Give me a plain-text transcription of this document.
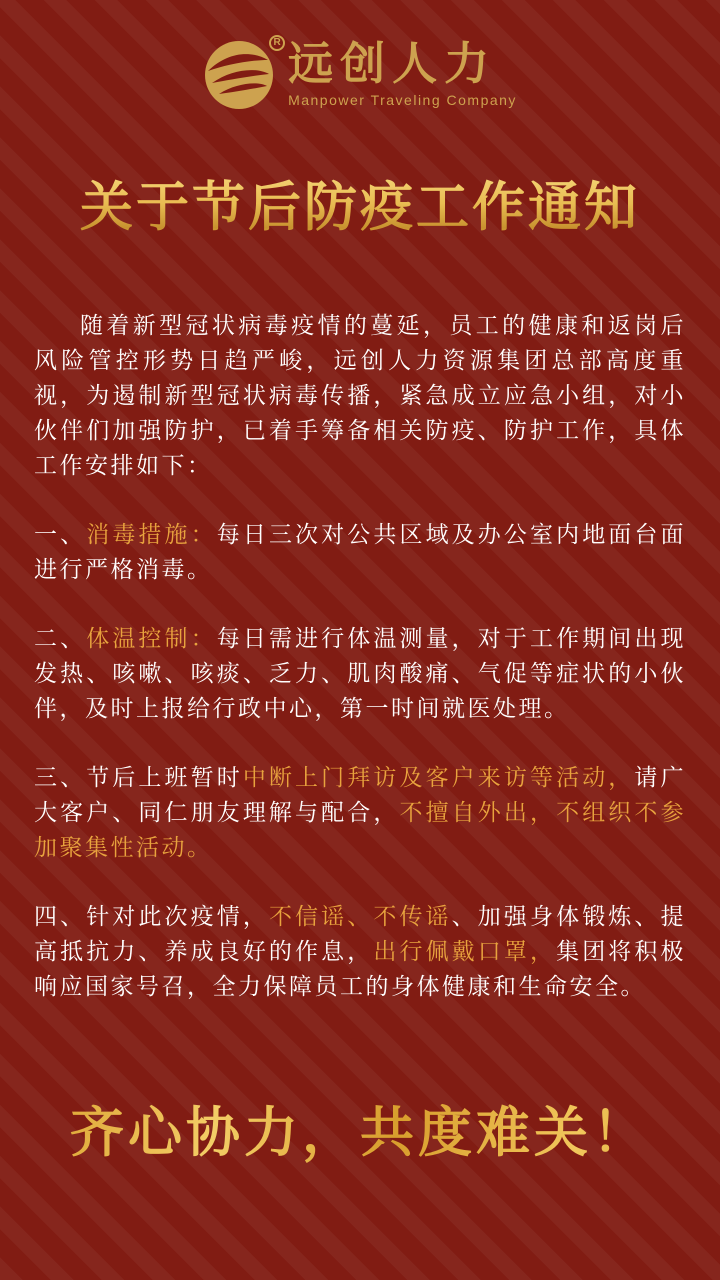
R 远创人力
Manpower Traveling Company
关于节后防疫工作通知

随着新型冠状病毒疫情的蔓延，员工的健康和返岗后风险管控形势日趋严峻，远创人力资源集团总部高度重视，为遏制新型冠状病毒传播，紧急成立应急小组，对小伙伴们加强防护，已着手筹备相关防疫、防护工作，具体工作安排如下：

一、消毒措施：每日三次对公共区域及办公室内地面台面进行严格消毒。

二、体温控制：每日需进行体温测量，对于工作期间出现发热、咳嗽、咳痰、乏力、肌肉酸痛、气促等症状的小伙伴，及时上报给行政中心，第一时间就医处理。

三、节后上班暂时中断上门拜访及客户来访等活动，请广大客户、同仁朋友理解与配合，不擅自外出，不组织不参加聚集性活动。

四、针对此次疫情，不信谣、不传谣、加强身体锻炼、提高抵抗力、养成良好的作息，出行佩戴口罩，集团将积极响应国家号召，全力保障员工的身体健康和生命安全。

齐心协力，共度难关！
